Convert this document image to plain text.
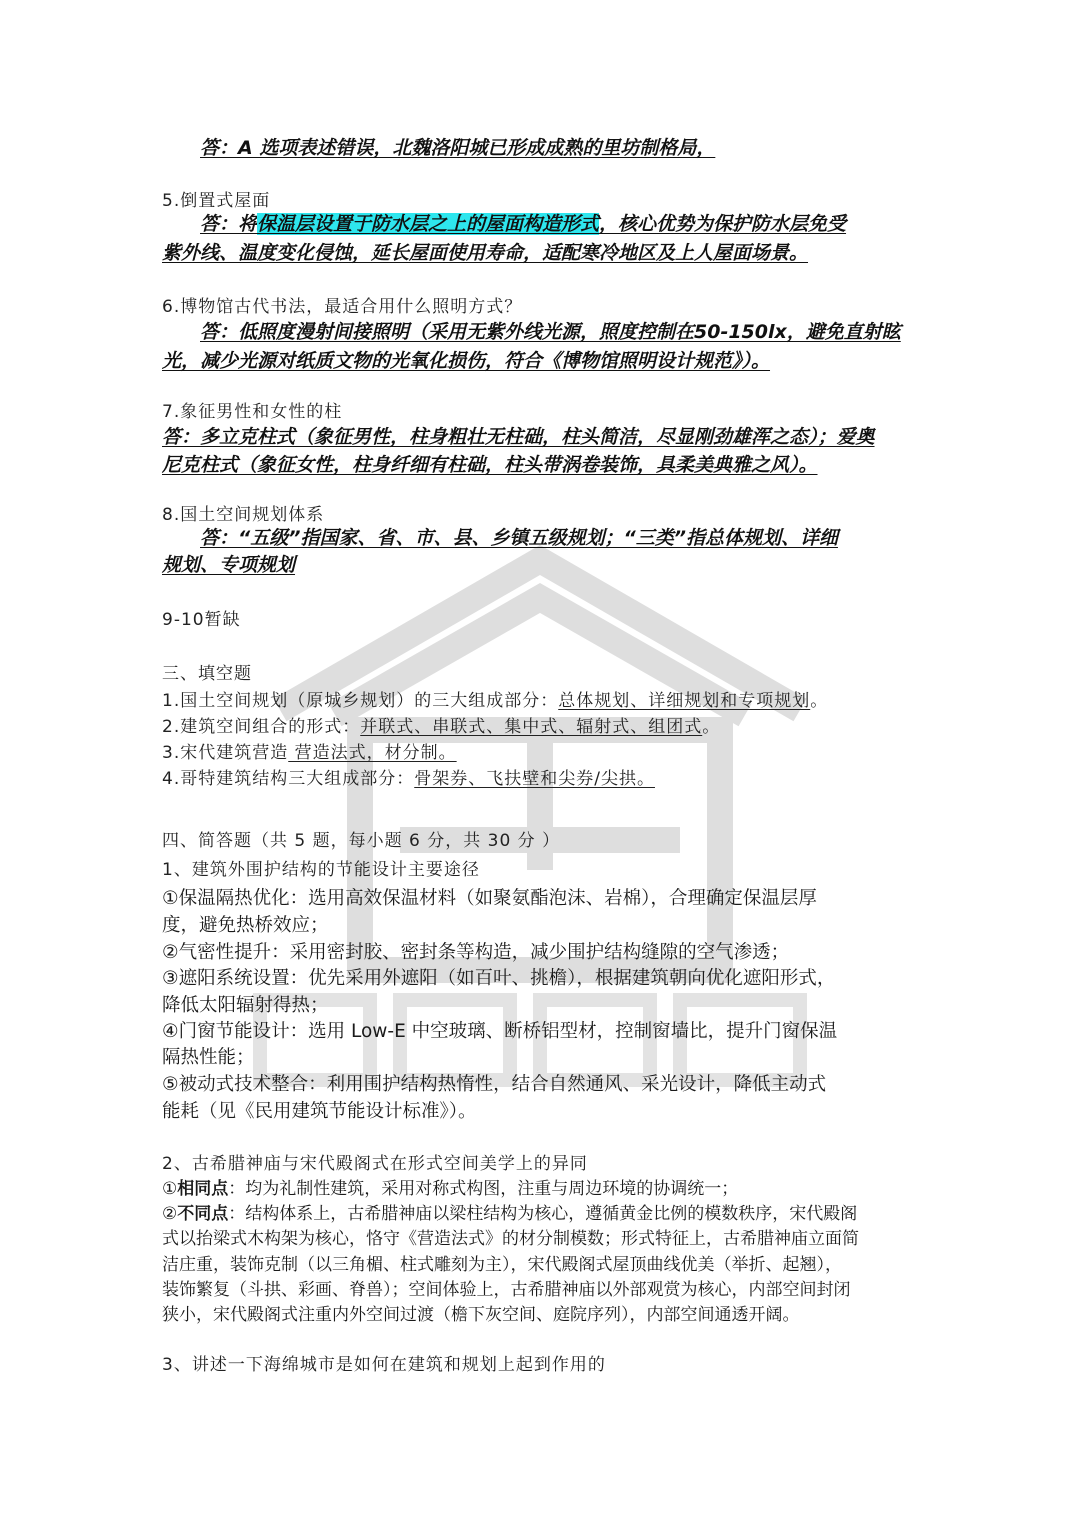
答：A 选项表述错误，北魏洛阳城已形成成熟的里坊制格局，
5.倒置式屋面
答：将保温层设置于防水层之上的屋面构造形式，核心优势为保护防水层免受
紫外线、温度变化侵蚀，延长屋面使用寿命，适配寒冷地区及上人屋面场景。
6.博物馆古代书法，最适合用什么照明方式？
答：低照度漫射间接照明（采用无紫外线光源，照度控制在50-150lx，避免直射眩
光，减少光源对纸质文物的光氧化损伤，符合《博物馆照明设计规范》）。
7.象征男性和女性的柱
答：多立克柱式（象征男性，柱身粗壮无柱础，柱头简洁，尽显刚劲雄浑之态）；爱奥
尼克柱式（象征女性，柱身纤细有柱础，柱头带涡卷装饰，具柔美典雅之风）。
8.国土空间规划体系
答：“五级”指国家、省、市、县、乡镇五级规划；“三类”指总体规划、详细
规划、专项规划
9-10暂缺
三、填空题
1.国土空间规划（原城乡规划）的三大组成部分：总体规划、详细规划和专项规划。
2.建筑空间组合的形式：并联式、串联式、集中式、辐射式、组团式。
3.宋代建筑营造 营造法式，材分制。
4.哥特建筑结构三大组成部分：骨架券、飞扶壁和尖券/尖拱。
四、简答题（共 5 题，每小题 6 分，共 30 分 ）
1、建筑外围护结构的节能设计主要途径
①保温隔热优化：选用高效保温材料（如聚氨酯泡沫、岩棉），合理确定保温层厚
度，避免热桥效应；
②气密性提升：采用密封胶、密封条等构造，减少围护结构缝隙的空气渗透；
③遮阳系统设置：优先采用外遮阳（如百叶、挑檐），根据建筑朝向优化遮阳形式，
降低太阳辐射得热；
④门窗节能设计：选用 Low-E 中空玻璃、断桥铝型材，控制窗墙比，提升门窗保温
隔热性能；
⑤被动式技术整合：利用围护结构热惰性，结合自然通风、采光设计，降低主动式
能耗（见《民用建筑节能设计标准》）。
2、古希腊神庙与宋代殿阁式在形式空间美学上的异同
①相同点：均为礼制性建筑，采用对称式构图，注重与周边环境的协调统一；
②不同点：结构体系上，古希腊神庙以梁柱结构为核心，遵循黄金比例的模数秩序，宋代殿阁
式以抬梁式木构架为核心，恪守《营造法式》的材分制模数；形式特征上，古希腊神庙立面简
洁庄重，装饰克制（以三角楣、柱式雕刻为主），宋代殿阁式屋顶曲线优美（举折、起翘），
装饰繁复（斗拱、彩画、脊兽）；空间体验上，古希腊神庙以外部观赏为核心，内部空间封闭
狭小，宋代殿阁式注重内外空间过渡（檐下灰空间、庭院序列），内部空间通透开阔。
3、讲述一下海绵城市是如何在建筑和规划上起到作用的
